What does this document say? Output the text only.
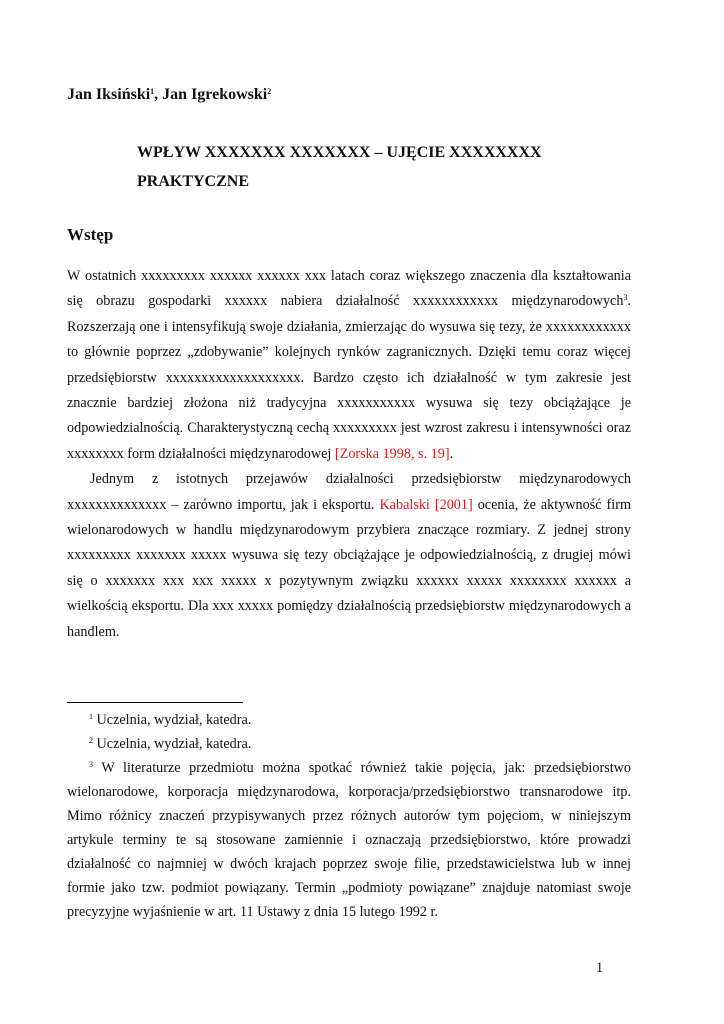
Jan Iksiński$^1$, Jan Igrekowski$^2$
WPŁYW XXXXXXX XXXXXXX – UJĘCIE XXXXXXXX PRAKTYCZNE
Wstęp

W ostatnich xxxxxxxxx xxxxxx xxxxxx xxx latach coraz większego znaczenia dla kształtowania się obrazu gospodarki xxxxxx nabiera działalność xxxxxxxxxxxx międzynarodowych$^3$. Rozszerzają one i intensyfikują swoje działania, zmierzając do wysuwa się tezy, że xxxxxxxxxxxx to głównie poprzez „zdobywanie” kolejnych rynków zagranicznych. Dzięki temu coraz więcej przedsiębiorstw xxxxxxxxxxxxxxxxxxx. Bardzo często ich działalność w tym zakresie jest znacznie bardziej złożona niż tradycyjna xxxxxxxxxxx wysuwa się tezy obciążające je odpowiedzialnością. Charakterystyczną cechą xxxxxxxxx jest wzrost zakresu i intensywności oraz xxxxxxxx form działalności międzynarodowej [Zorska 1998, s. 19].

Jednym z istotnych przejawów działalności przedsiębiorstw międzynarodowych xxxxxxxxxxxxxx – zarówno importu, jak i eksportu. Kabalski [2001] ocenia, że aktywność firm wielonarodowych w handlu międzynarodowym przybiera znaczące rozmiary. Z jednej strony xxxxxxxxx xxxxxxx xxxxx wysuwa się tezy obciążające je odpowiedzialnością, z drugiej mówi się o xxxxxxx xxx xxx xxxxx x pozytywnym związku xxxxxx xxxxx xxxxxxxx xxxxxx a wielkością eksportu. Dla xxx xxxxx pomiędzy działalnością przedsiębiorstw międzynarodowych a handlem.

$^1$ Uczelnia, wydział, katedra.

$^2$ Uczelnia, wydział, katedra.

$^3$ W literaturze przedmiotu można spotkać również takie pojęcia, jak: przedsiębiorstwo wielonarodowe, korporacja międzynarodowa, korporacja/przedsiębiorstwo transnarodowe itp. Mimo różnicy znaczeń przypisywanych przez różnych autorów tym pojęciom, w niniejszym artykule terminy te są stosowane zamiennie i oznaczają przedsiębiorstwo, które prowadzi działalność co najmniej w dwóch krajach poprzez swoje filie, przedstawicielstwa lub w innej formie jako tzw. podmiot powiązany. Termin „podmioty powiązane” znajduje natomiast swoje precyzyjne wyjaśnienie w art. 11 Ustawy z dnia 15 lutego 1992 r.

1
